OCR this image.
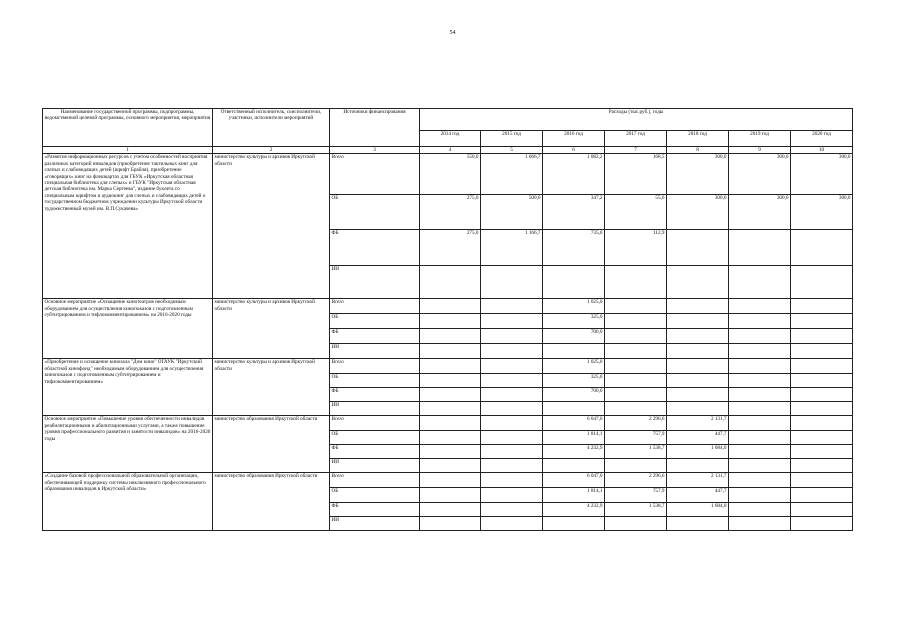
54
Наименование государственной программы, подпрограммы, ведомственной целевой программы, основного мероприятия, мероприятия	Ответственный исполнитель, соисполнители, участники, исполнители мероприятий	Источники финансирования	Расходы (тыс.руб.), годы						
			2014 год	2015 год	2016 год	2017 год	2018 год	2019 год	2020 год
1	2	3	4	5	6	7	8	9	10
«Развитие информационных ресурсов с учетом особенностей восприятия различных категорий инвалидов (приобретение тактильных книг для слепых и слабовидящих детей (шрифт Брайля), приобретение «говорящих» книг на флешкартах для ГБУК «Иркутская областная специальная библиотека для слепых» и ГБУК "Иркутская областная детская библиотека им. Марка Сергеева", издание буклета со специальным шрифтом и аудиокниг для слепых и слабовидящих детей о государственном бюджетном учреждении культуры Иркутской области художественный музей им. В.П.Сукачева»	министерство культуры и архивов Иркутской области	Всего	550,0	1 666,7	1 082,2	168,5	300,0	300,0	300,0
		ОБ	275,0	500,0	347,2	55,6	300,0	300,0	300,0
		ФБ	275,0	1 166,7	735,0	112,9			
		ИИ							
Основное мероприятие «Оснащение кинотеатров необходимым оборудованием для осуществления кинопоказов с подготовленным субтитрированием и тифлокомментированием» на 2016-2020 годы	министерство культуры и архивов Иркутской области	Всего			1 025,0				
		ОБ			325,0				
		ФБ			700,0				
		ИИ							
«Приобретение и оснащение кинозала "Дом кино" ОГАУК "Иркутский областной кинофонд" необходимым оборудованием для осуществления кинопоказов с подготовленным субтитрированием и тифлокомментированием»	министерство культуры и архивов Иркутской области	Всего			1 025,0				
		ОБ			325,0				
		ФБ			700,0				
		ИИ							
Основное мероприятие «Повышение уровня обеспеченности инвалидов реабилитационными и абилитационными услугами, а также повышение уровня профессионального развития и занятости инвалидов» на 2016-2020 годы	министерство образования Иркутской области	Всего			6 047,0	2 296,6	2 131,7		
		ОБ			1 814,1	757,9	447,7		
		ФБ			4 232,9	1 538,7	1 684,0		
		ИИ							
«Создание базовой профессиональной образовательной организации, обеспечивающей поддержку системы инклюзивного профессионального образования инвалидов в Иркутской области»	министерство образования Иркутской области	Всего			6 047,0	2 296,6	2 131,7		
		ОБ			1 814,1	757,9	447,7		
		ФБ			4 232,9	1 538,7	1 684,0		
		ИИ							
